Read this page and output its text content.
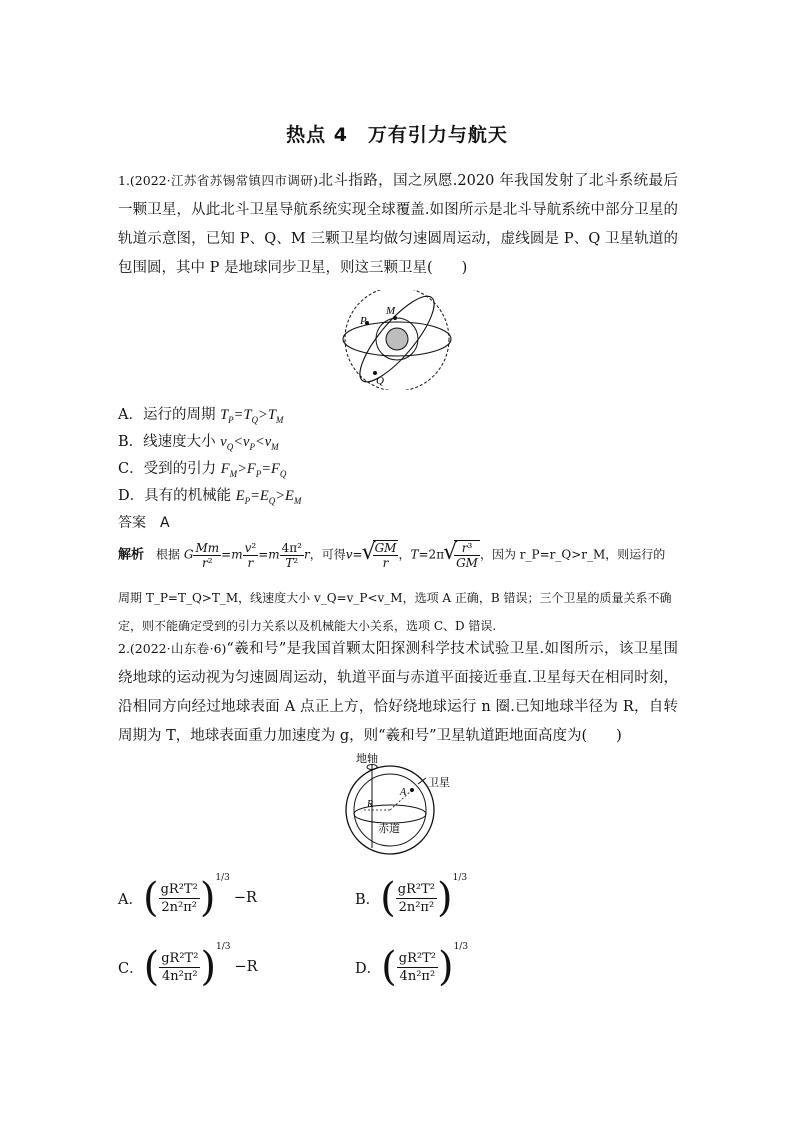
热点 4　万有引力与航天
1.(2022·江苏省苏锡常镇四市调研)北斗指路，国之夙愿.2020 年我国发射了北斗系统最后一颗卫星，从此北斗卫星导航系统实现全球覆盖.如图所示是北斗导航系统中部分卫星的轨道示意图，已知 P、Q、M 三颗卫星均做匀速圆周运动，虚线圆是 P、Q 卫星轨道的包围圆，其中 P 是地球同步卫星，则这三颗卫星(　　)
P
M
Q
A．运行的周期 $T_P=T_Q>T_M$
B．线速度大小 $v_Q<v_P<v_M$
C．受到的引力 $F_M>F_P=F_Q$
D．具有的机械能 $E_P=E_Q>E_M$
答案　 A
解析　 根据 G $\frac{Mm}{\text{r²}} =m \frac{\text{v²}}{r} =m \frac{\text{4π²}}{\text{T²}}$ r，可得v= √ $\frac{GM}{r}$ ，T=2π √ $\frac{\text{r³}}{GM}$ ，因为 r_P=r_Q>r_M，则运行的
周期 T_P=T_Q>T_M，线速度大小 v_Q=v_P<v_M，选项 A 正确，B 错误；三个卫星的质量关系不确定，则不能确定受到的引力关系以及机械能大小关系，选项 C、D 错误.
2.(2022·山东卷·6)“羲和号”是我国首颗太阳探测科学技术试验卫星.如图所示，该卫星围绕地球的运动视为匀速圆周运动，轨道平面与赤道平面接近垂直.卫星每天在相同时刻，沿相同方向经过地球表面 A 点正上方，恰好绕地球运行 n 圈.已知地球半径为 R，自转周期为 T，地球表面重力加速度为 g，则“羲和号”卫星轨道距地面高度为(　　)
地轴
卫星
A
R
赤道
A． ( $\frac{\text{gR²T²}}{\text{2n²π²}}$ ) 1/3
−R	B． ( $\frac{\text{gR²T²}}{\text{2n²π²}}$ ) 1/3
C． ( $\frac{\text{gR²T²}}{\text{4n²π²}}$ ) 1/3
−R	D． ( $\frac{\text{gR²T²}}{\text{4n²π²}}$ ) 1/3
